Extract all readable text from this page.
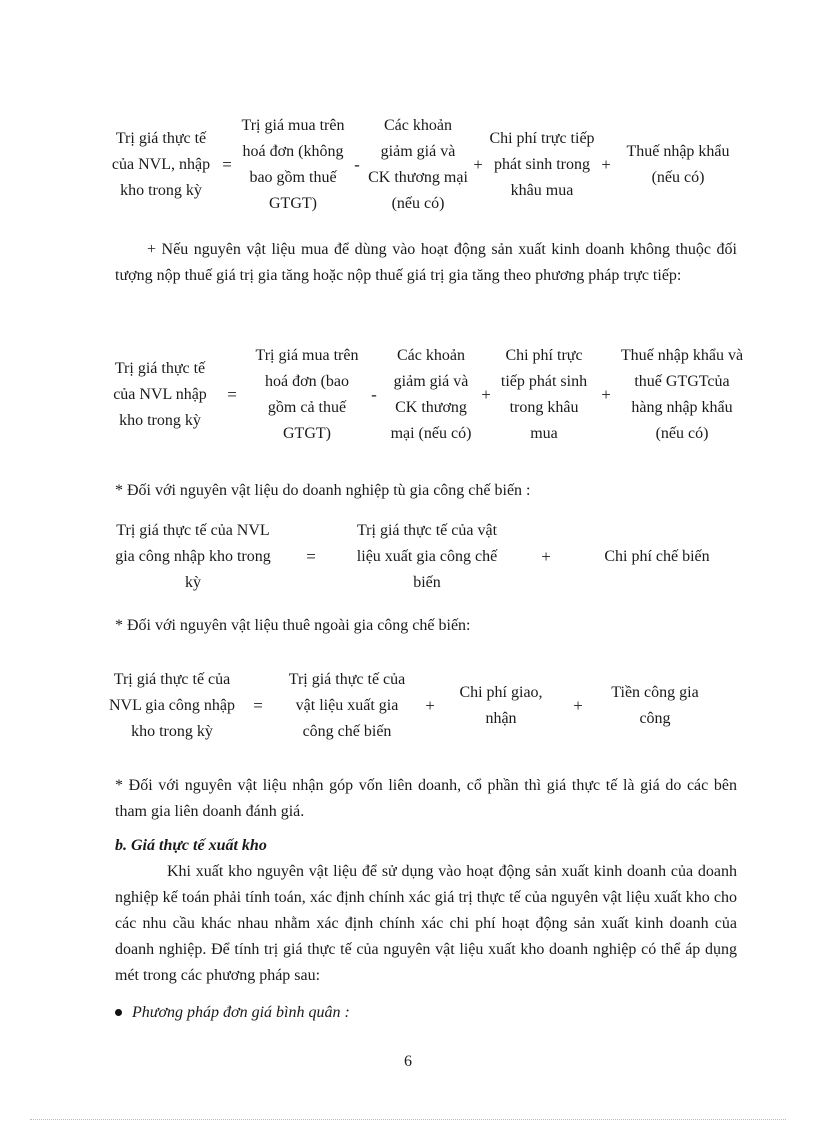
Trị giá thực tế của NVL, nhập kho trong kỳ
=
Trị giá mua trên hoá đơn (không bao gồm thuế GTGT)
-
Các khoản giảm giá và CK thương mại (nếu có)
+
Chi phí trực tiếp phát sinh trong khâu mua
+
Thuế nhập khẩu (nếu có)
+ Nếu nguyên vật liệu mua để dùng vào hoạt động sản xuất kinh doanh không thuộc đối tượng nộp thuế giá trị gia tăng hoặc nộp thuế giá trị gia tăng theo phương pháp trực tiếp:
Trị giá thực tế của NVL nhập kho trong kỳ
=
Trị giá mua trên hoá đơn (bao gồm cả thuế GTGT)
-
Các khoản giảm giá và CK thương mại (nếu có)
+
Chi phí trực tiếp phát sinh trong khâu mua
+
Thuế nhập khẩu và thuế GTGTcủa hàng nhập khẩu (nếu có)
* Đối với nguyên vật liệu do doanh nghiệp tù gia công chế biến :
Trị giá thực tế của NVL gia công nhập kho trong kỳ
=
Trị giá thực tế của vật liệu xuất gia công chế biến
+	Chi phí chế biến
* Đối với nguyên vật liệu thuê ngoài gia công chế biến:
Trị giá thực tế của NVL gia công nhập kho trong kỳ
=
Trị giá thực tế của vật liệu xuất gia công chế biến
+
Chi phí giao, nhận
+
Tiền công gia công
* Đối với nguyên vật liệu nhận góp vốn liên doanh, cổ phần thì giá thực tế là giá do các bên tham gia liên doanh đánh giá.
b. Giá thực tế xuất kho
Khi xuất kho nguyên vật liệu để sử dụng vào hoạt động sản xuất kinh doanh của doanh nghiệp kế toán phải tính toán, xác định chính xác giá trị thực tế của nguyên vật liệu xuất kho cho các nhu cầu khác nhau nhằm xác định chính xác chi phí hoạt động sản xuất kinh doanh của doanh nghiệp. Để tính trị giá thực tế của nguyên vật liệu xuất kho doanh nghiệp có thể áp dụng mét trong các phương pháp sau:
Phương pháp đơn giá bình quân :
6
